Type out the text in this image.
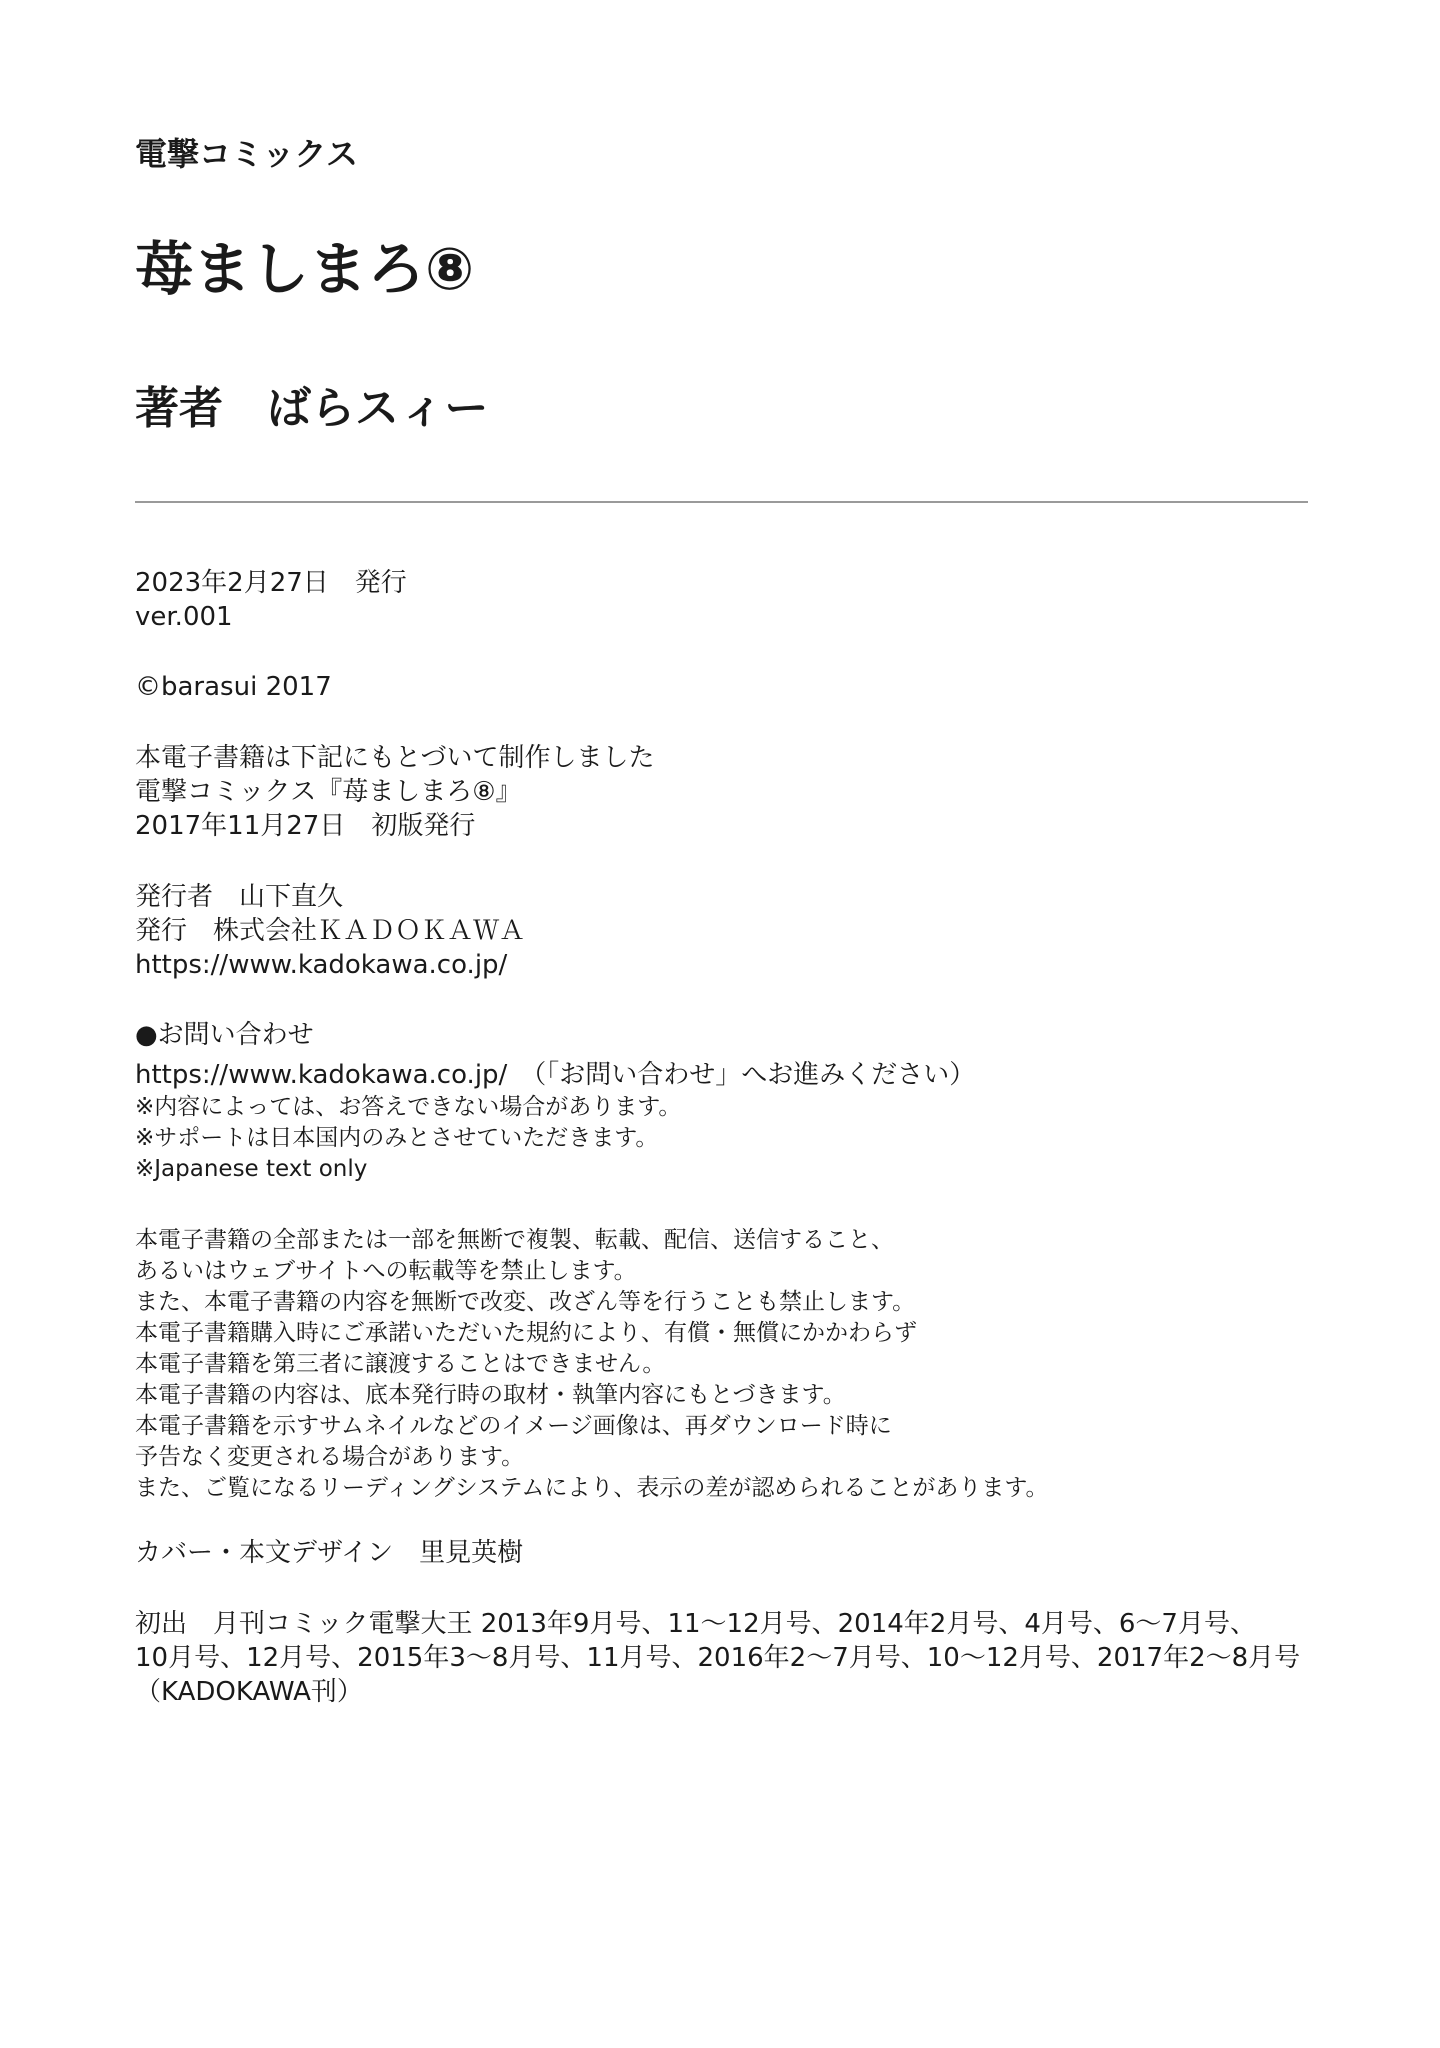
電撃コミックス
苺ましまろ⑧
著者　ばらスィー
2023年2月27日　発行
ver.001
©barasui 2017
本電子書籍は下記にもとづいて制作しました
電撃コミックス『苺ましまろ⑧』
2017年11月27日　初版発行
発行者　山下直久
発行　株式会社ＫＡＤＯＫＡＷＡ
https://www.kadokawa.co.jp/
●お問い合わせ
https://www.kadokawa.co.jp/　（「お問い合わせ」へお進みください）
※内容によっては、お答えできない場合があります。
※サポートは日本国内のみとさせていただきます。
※Japanese text only
本電子書籍の全部または一部を無断で複製、転載、配信、送信すること、
あるいはウェブサイトへの転載等を禁止します。
また、本電子書籍の内容を無断で改変、改ざん等を行うことも禁止します。
本電子書籍購入時にご承諾いただいた規約により、有償・無償にかかわらず
本電子書籍を第三者に譲渡することはできません。
本電子書籍の内容は、底本発行時の取材・執筆内容にもとづきます。
本電子書籍を示すサムネイルなどのイメージ画像は、再ダウンロード時に
予告なく変更される場合があります。
また、ご覧になるリーディングシステムにより、表示の差が認められることがあります。
カバー・本文デザイン　里見英樹
初出　月刊コミック電撃大王 2013年9月号、11～12月号、2014年2月号、4月号、6～7月号、
10月号、12月号、2015年3～8月号、11月号、2016年2～7月号、10～12月号、2017年2～8月号
（KADOKAWA刊）
